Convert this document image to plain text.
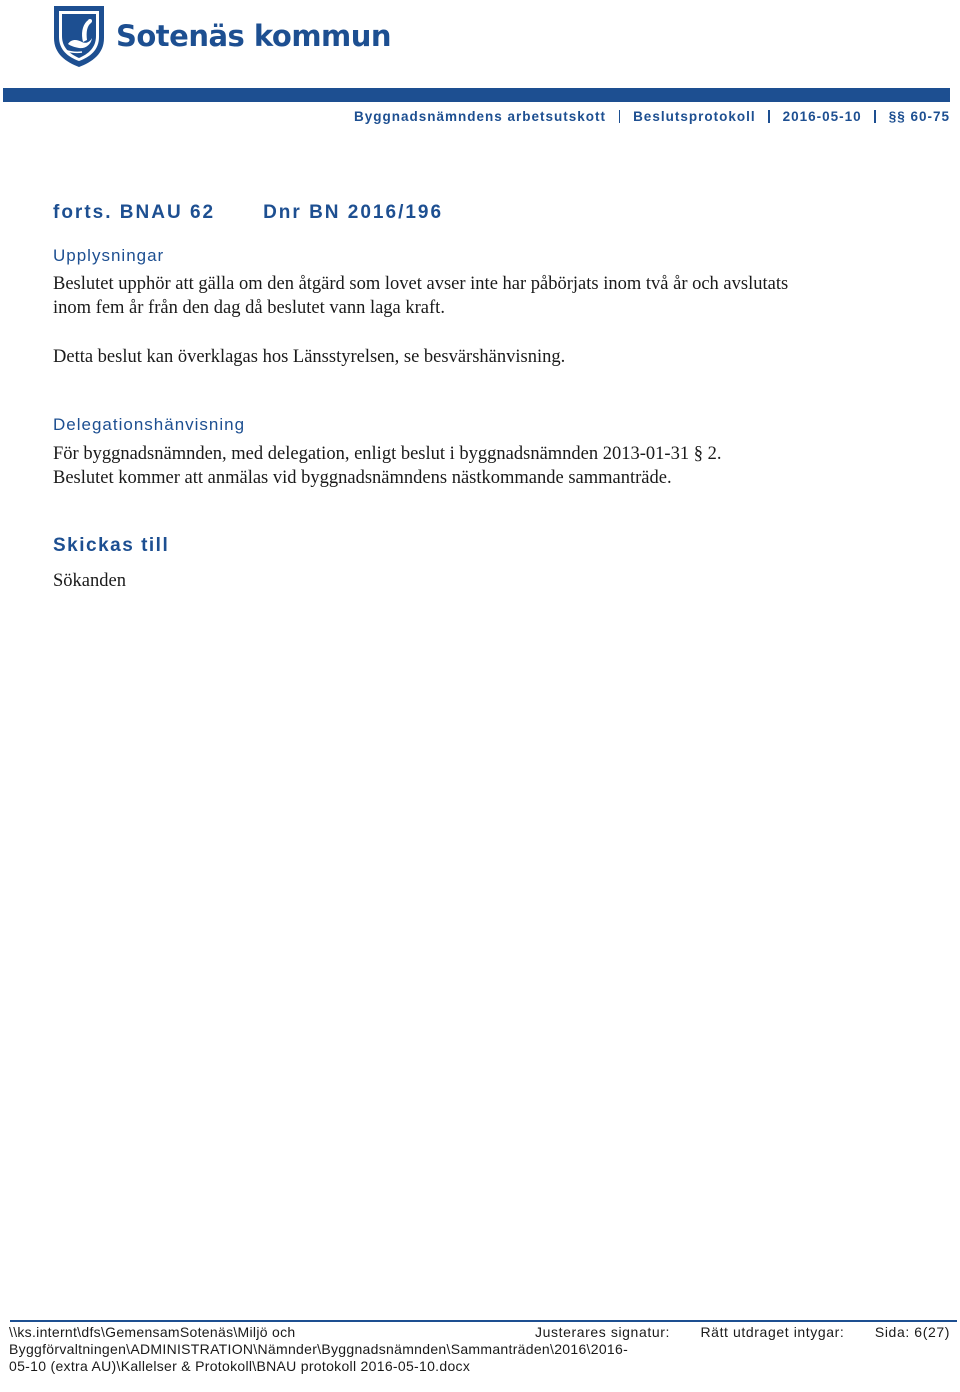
Sotenäs kommun
Byggnadsnämndens arbetsutskott Beslutsprotokoll 2016-05-10 §§ 60-75
forts. BNAU 62	Dnr BN 2016/196
Upplysningar
Beslutet upphör att gälla om den åtgärd som lovet avser inte har påbörjats inom två år och avslutats inom fem år från den dag då beslutet vann laga kraft.
Detta beslut kan överklagas hos Länsstyrelsen, se besvärshänvisning.
Delegationshänvisning
För byggnadsnämnden, med delegation, enligt beslut i byggnadsnämnden 2013-01-31 § 2.
Beslutet kommer att anmälas vid byggnadsnämndens nästkommande sammanträde.
Skickas till
Sökanden
\\ks.internt\dfs\GemensamSotenäs\Miljö och Byggförvaltningen\ADMINISTRATION\Nämnder\Byggnadsnämnden\Sammanträden\2016\2016-05-10 (extra AU)\Kallelser & Protokoll\BNAU protokoll 2016-05-10.docx
Justerares signatur: Rätt utdraget intygar: Sida: 6(27)
